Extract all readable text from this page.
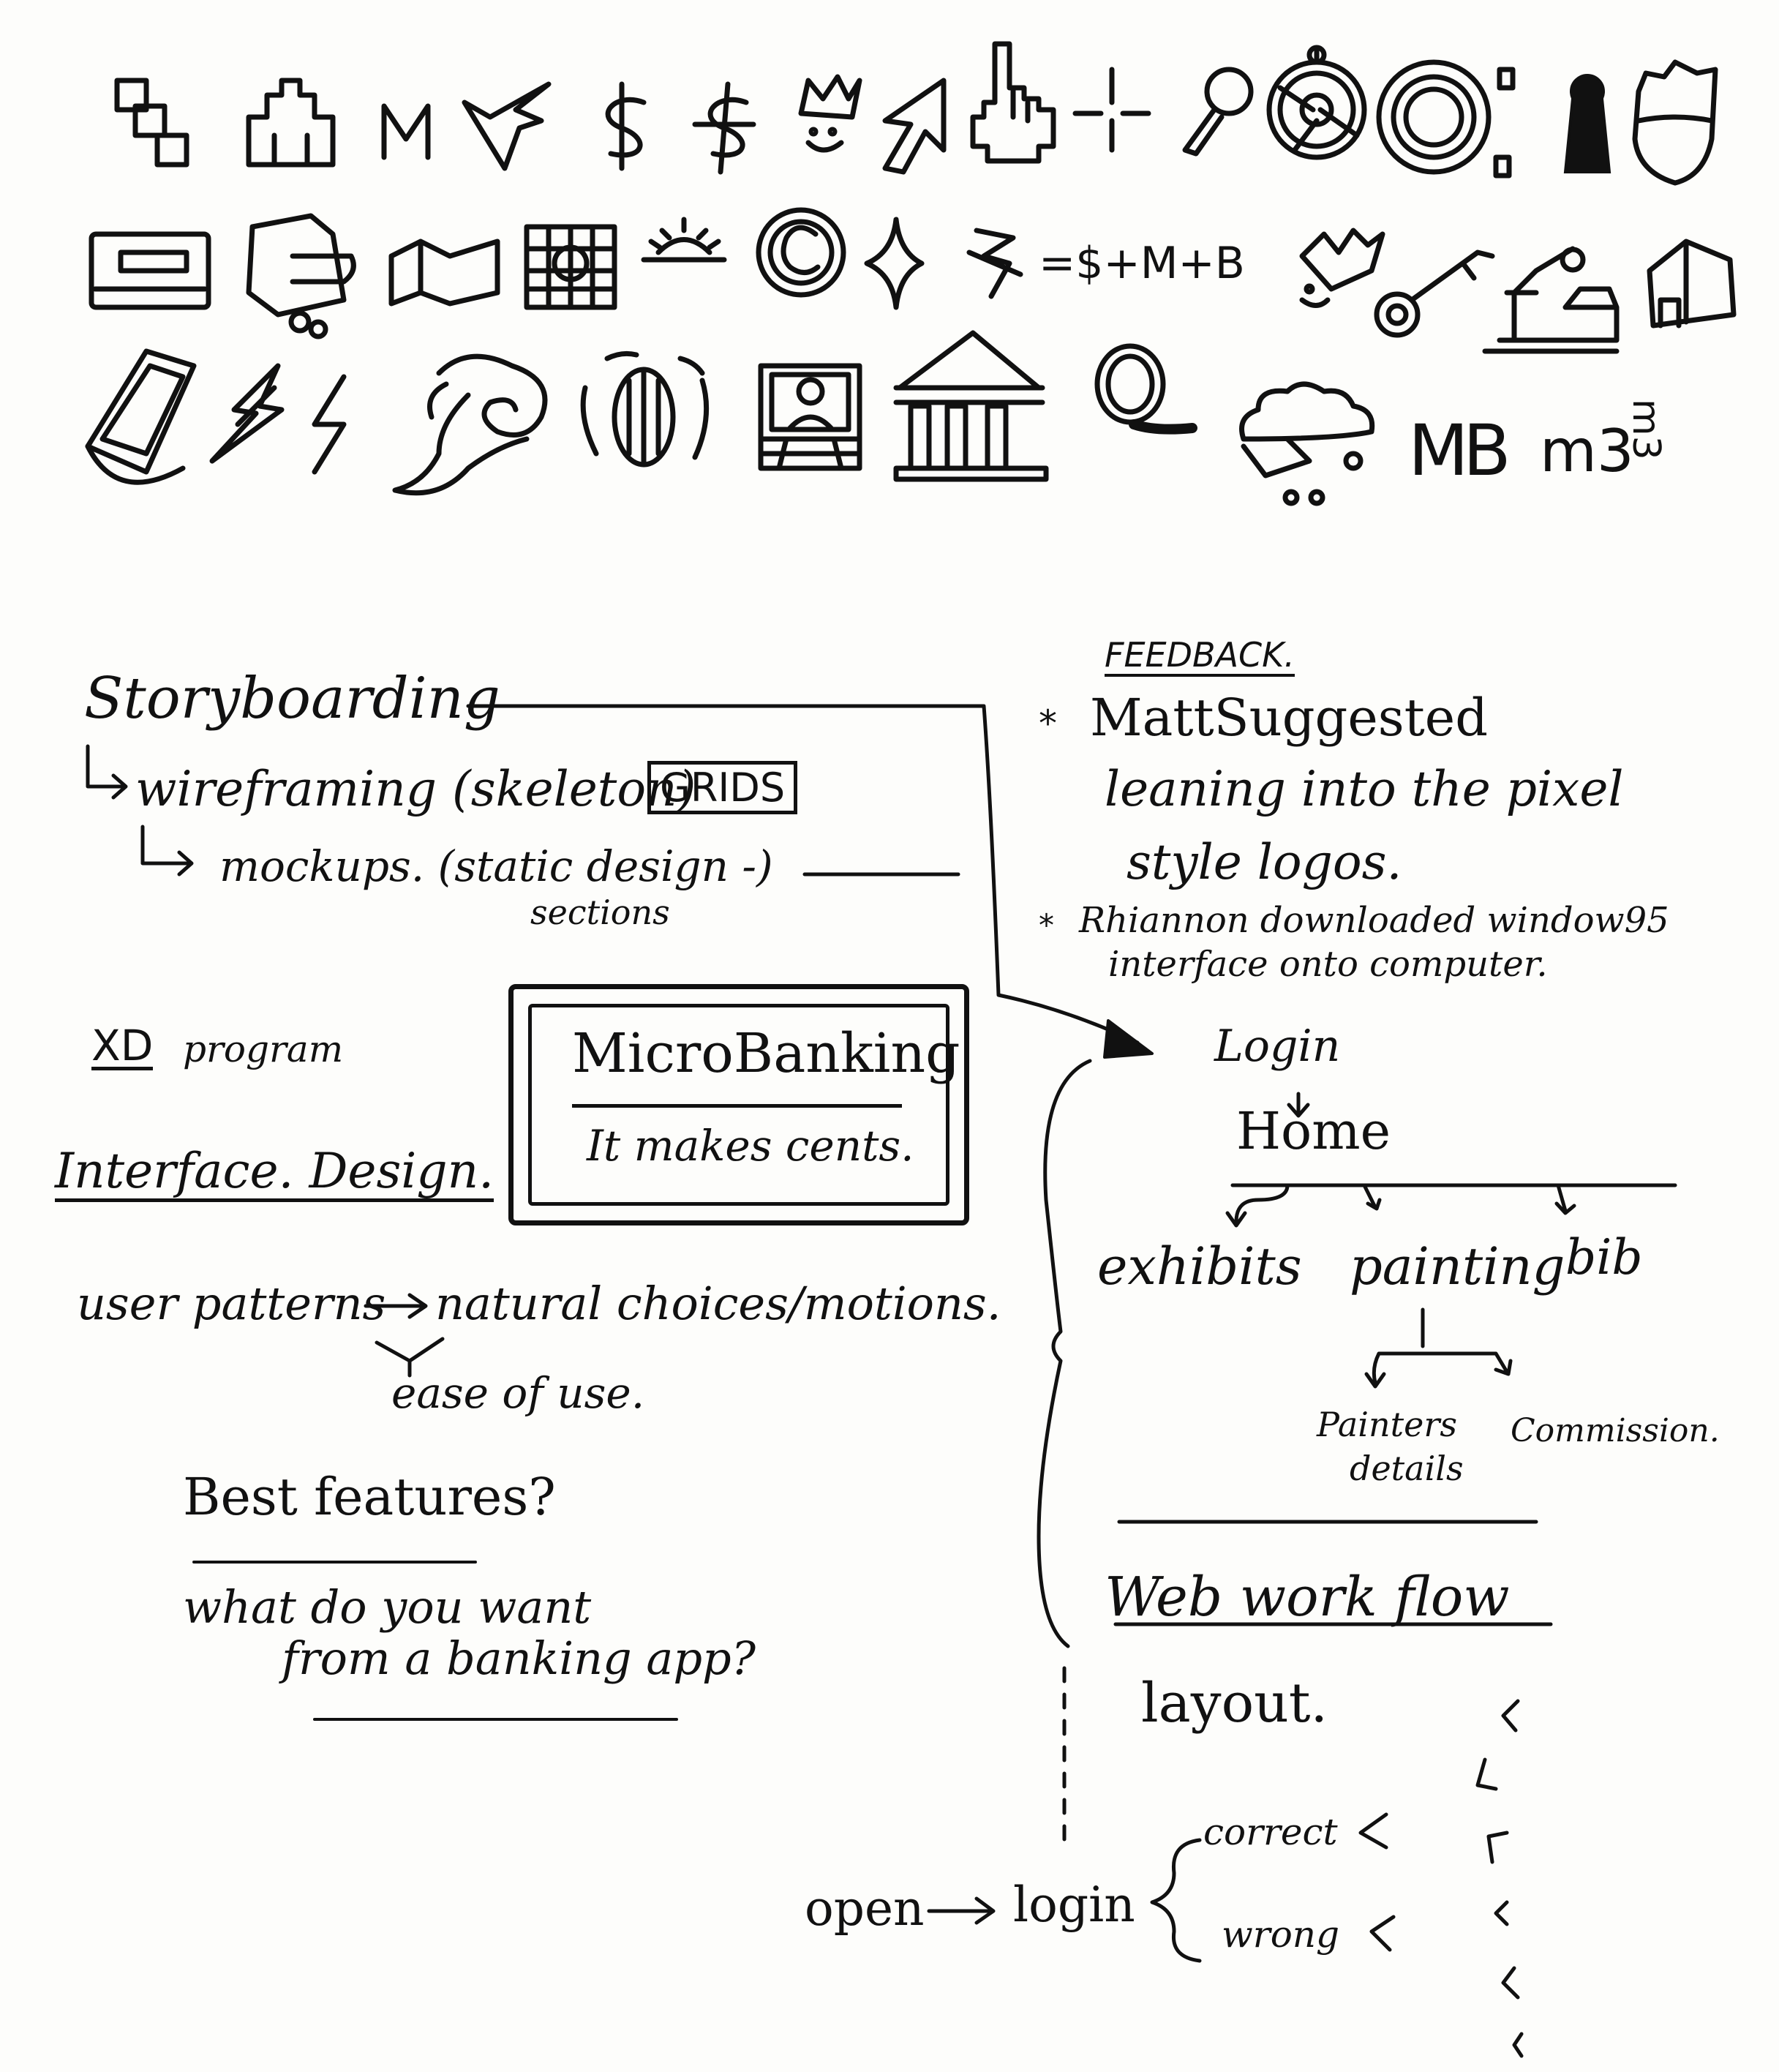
=$+M+B
MB m3
m3
Storyboarding
wireframing (skeleton)
GRIDS
mockups. (static design -)
sections
XD program
Interface. Design.
MicroBanking
It makes cents.
user patterns natural choices/motions.
ease of use.
Best features?
what do you want
from a banking app?
FEEDBACK.
* MattSuggested
leaning into the pixel
style logos.
* Rhiannon downloaded window95
interface onto computer.
Login
Home
exhibits painting bib
Painters
details
Commission.
Web work flow
layout.
open login
correct
wrong
